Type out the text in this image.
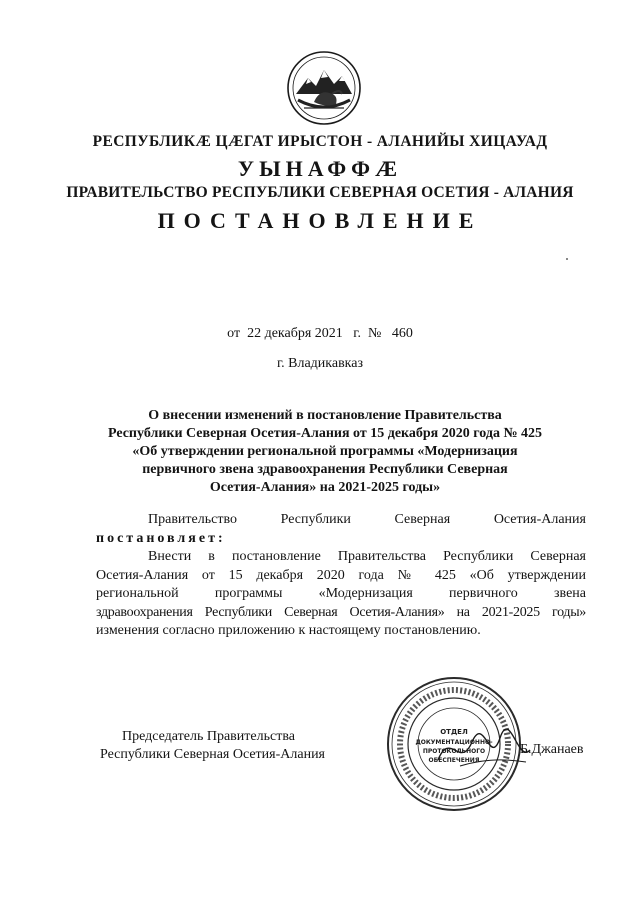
РЕСПУБЛИКӔ ЦӔГАТ ИРЫСТОН - АЛАНИЙЫ ХИЦАУАД
УЫНАФФӔ
ПРАВИТЕЛЬСТВО РЕСПУБЛИКИ СЕВЕРНАЯ ОСЕТИЯ - АЛАНИЯ
ПОСТАНОВЛЕНИЕ
от 22 декабря 2021 г. № 460
г. Владикавказ
О внесении изменений в постановление Правительства
Республики Северная Осетия-Алания от 15 декабря 2020 года № 425
«Об утверждении региональной программы «Модернизация
первичного звена здравоохранения Республики Северная
Осетия-Алания» на 2021-2025 годы»
Правительство	Республики	Северная	Осетия-Алания
постановляет:
Внести в постановление Правительства Республики Северная
Осетия-Алания от 15 декабря 2020 года № 425 «Об утверждении
региональной программы «Модернизация первичного звена
здравоохранения Республики Северная Осетия-Алания» на 2021-2025 годы»
изменения согласно приложению к настоящему постановлению.
Председатель Правительства
Республики Северная Осетия-Алания
ОТДЕЛ
ДОКУМЕНТАЦИОННО-
ПРОТОКОЛЬНОГО
ОБЕСПЕЧЕНИЯ
Б.Джанаев
